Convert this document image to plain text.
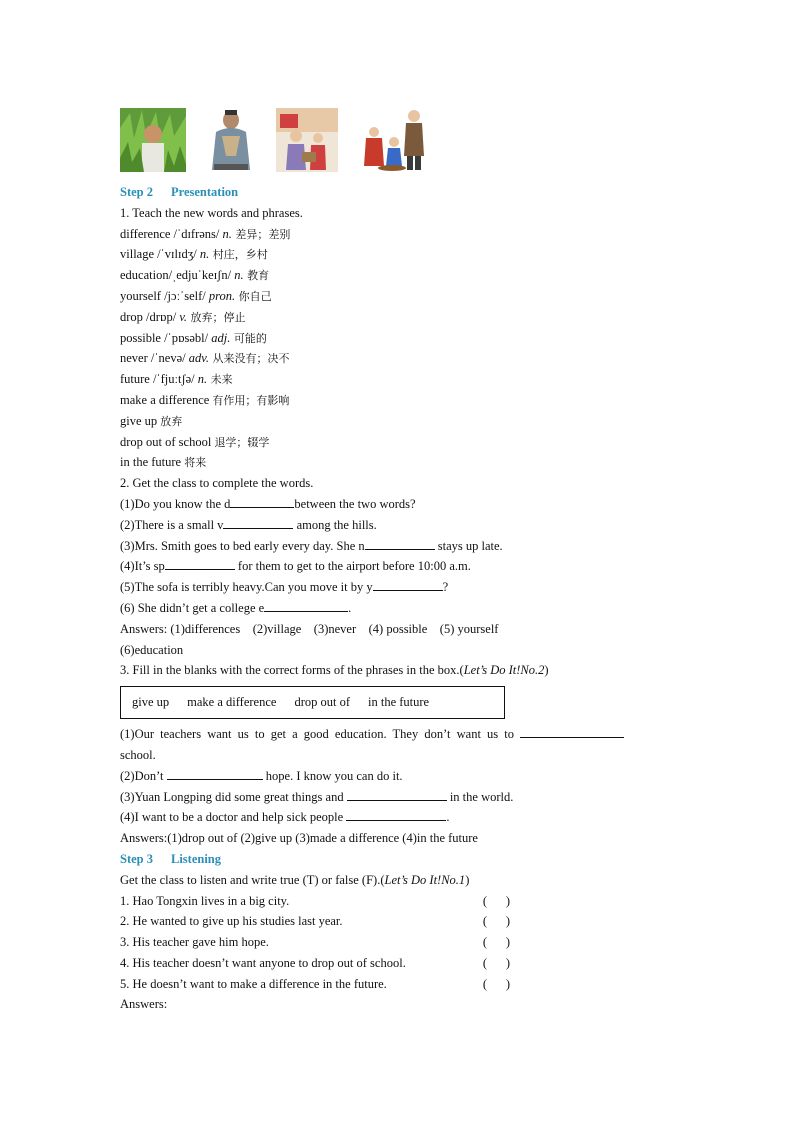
Step 2 Presentation
1. Teach the new words and phrases.
difference /ˈdɪfrəns/ n. 差异；差别
village /ˈvɪlɪdʒ/ n. 村庄，乡村
education/ˌedjuˈkeɪʃn/ n. 教育
yourself /jɔːˈself/ pron. 你自己
drop /drɒp/ v. 放弃；停止
possible /ˈpɒsəbl/ adj. 可能的
never /ˈnevə/ adv. 从来没有；决不
future /ˈfjuːtʃə/ n. 未来
make a difference 有作用；有影响
give up 放弃
drop out of school 退学；辍学
in the future 将来
2. Get the class to complete the words.
(1)Do you know the d	between the two words?
(2)There is a small v	among the hills.
(3)Mrs. Smith goes to bed early every day. She n	stays up late.
(4)It’s sp	for them to get to the airport before 10:00 a.m.
(5)The sofa is terribly heavy.Can you move it by y	?
(6) She didn’t get a college e	.
Answers: (1)differences    (2)village    (3)never    (4) possible    (5) yourself
(6)education
3. Fill in the blanks with the correct forms of the phrases in the box.(Let’s Do It!No.2)
give up make a difference drop out of in the future
(1)Our teachers want us to get a good education. They don’t want us to
school.
(2)Don’t	hope. I know you can do it.
(3)Yuan Longping did some great things and	in the world.
(4)I want to be a doctor and help sick people	.
Answers:(1)drop out of (2)give up (3)made a difference (4)in the future
Step 3 Listening
Get the class to listen and write true (T) or false (F).(Let’s Do It!No.1)
1. Hao Tongxin lives in a big city.	(      )
2. He wanted to give up his studies last year.	(      )
3. His teacher gave him hope.	(      )
4. His teacher doesn’t want anyone to drop out of school.	(      )
5. He doesn’t want to make a difference in the future.	(      )
Answers:
